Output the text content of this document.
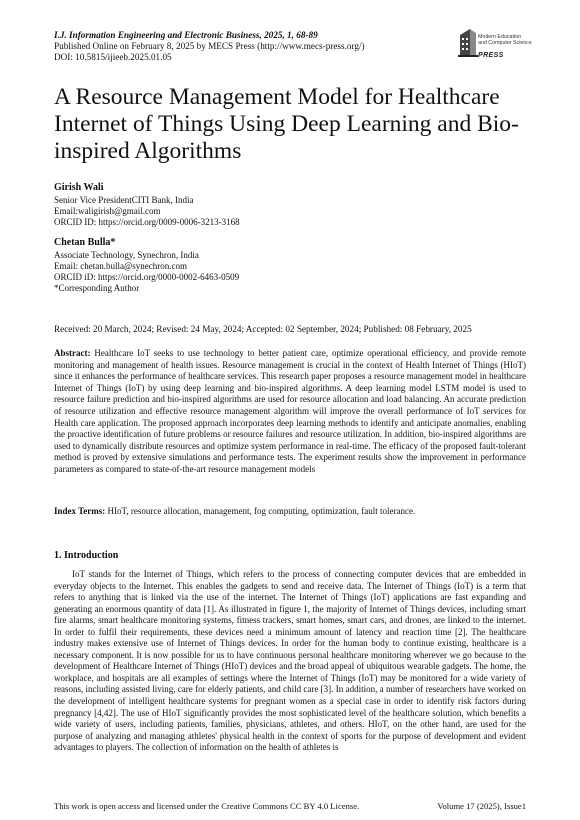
I.J. Information Engineering and Electronic Business, 2025, 1, 68-89
Published Online on February 8, 2025 by MECS Press (http://www.mecs-press.org/)
DOI: 10.5815/ijieeb.2025.01.05
Modern Education
and Computer Science
PRESS
A Resource Management Model for Healthcare Internet of Things Using Deep Learning and Bio-inspired Algorithms
Girish Wali
Senior Vice PresidentCITI Bank, India
Email:waligirish@gmail.com
ORCID ID: https://orcid.org/0009-0006-3213-3168
Chetan Bulla*
Associate Technology, Synechron, India
Email: chetan.bulla@synechron.com
ORCID iD: https://orcid.org/0000-0002-6463-0509
*Corresponding Author
Received: 20 March, 2024; Revised: 24 May, 2024; Accepted: 02 September, 2024; Published: 08 February, 2025
Abstract: Healthcare IoT seeks to use technology to better patient care, optimize operational efficiency, and provide remote monitoring and management of health issues. Resource management is crucial in the context of Health Internet of Things (HIoT) since it enhances the performance of healthcare services. This research paper proposes a resource management model in healthcare Internet of Things (IoT) by using deep learning and bio-inspired algorithms. A deep learning model LSTM model is used to resource failure prediction and bio-inspired algorithms are used for resource allocation and load balancing. An accurate prediction of resource utilization and effective resource management algorithm will improve the overall performance of IoT services for Health care application. The proposed approach incorporates deep learning methods to identify and anticipate anomalies, enabling the proactive identification of future problems or resource failures and resource utilization. In addition, bio-inspired algorithms are used to dynamically distribute resources and optimize system performance in real-time. The efficacy of the proposed fault-tolerant method is proved by extensive simulations and performance tests. The experiment results show the improvement in performance parameters as compared to state-of-the-art resource management models
Index Terms: HIoT, resource allocation, management, fog computing, optimization, fault tolerance.
1. Introduction
IoT stands for the Internet of Things, which refers to the process of connecting computer devices that are embedded in everyday objects to the Internet. This enables the gadgets to send and receive data. The Internet of Things (IoT) is a term that refers to anything that is linked via the use of the internet. The Internet of Things (IoT) applications are fast expanding and generating an enormous quantity of data [1]. As illustrated in figure 1, the majority of Internet of Things devices, including smart fire alarms, smart healthcare monitoring systems, fitness trackers, smart homes, smart cars, and drones, are linked to the internet. In order to fulfil their requirements, these devices need a minimum amount of latency and reaction time [2]. The healthcare industry makes extensive use of Internet of Things devices. In order for the human body to continue existing, healthcare is a necessary component. It is now possible for us to have continuous personal healthcare monitoring wherever we go because to the development of Healthcare Internet of Things (HIoT) devices and the broad appeal of ubiquitous wearable gadgets. The home, the workplace, and hospitals are all examples of settings where the Internet of Things (IoT) may be monitored for a wide variety of reasons, including assisted living, care for elderly patients, and child care [3]. In addition, a number of researchers have worked on the development of intelligent healthcare systems for pregnant women as a special case in order to identify risk factors during pregnancy [4,42]. The use of HIoT significantly provides the most sophisticated level of the healthcare solution, which benefits a wide variety of users, including patients, families, physicians, athletes, and others. HIoT, on the other hand, are used for the purpose of analyzing and managing athletes' physical health in the context of sports for the purpose of development and evident advantages to players. The collection of information on the health of athletes is
This work is open access and licensed under the Creative Commons CC BY 4.0 License.	Volume 17 (2025), Issue1
